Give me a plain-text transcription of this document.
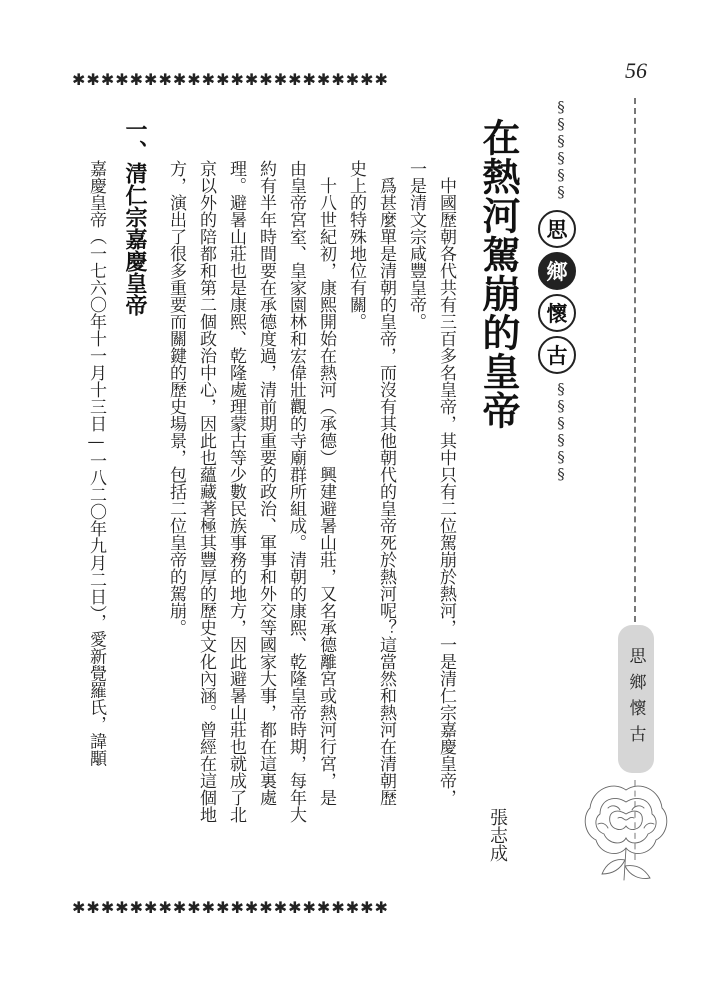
56
✱✱✱✱✱✱✱✱✱✱✱✱✱✱✱✱✱✱✱✱✱✱
✱✱✱✱✱✱✱✱✱✱✱✱✱✱✱✱✱✱✱✱✱✱
§§§§§§
思
鄉
懷
古
§§§§§§
思鄉懷古
在熱河駕崩的皇帝
張志成
　中國歷朝各代共有三百多名皇帝，其中只有二位駕崩於熱河，一是清仁宗嘉慶皇帝，
一是清文宗咸豐皇帝。
　爲甚麼單是清朝的皇帝，而沒有其他朝代的皇帝死於熱河呢？這當然和熱河在清朝歷
史上的特殊地位有關。
　十八世紀初，康熙開始在熱河（承德）興建避暑山莊，又名承德離宮或熱河行宮，是
由皇帝宮室、皇家園林和宏偉壯觀的寺廟群所組成。清朝的康熙、乾隆皇帝時期，每年大
約有半年時間要在承德度過，清前期重要的政治、軍事和外交等國家大事，都在這裏處
理。避暑山莊也是康熙、乾隆處理蒙古等少數民族事務的地方，因此避暑山莊也就成了北
京以外的陪都和第二個政治中心，因此也蘊藏著極其豐厚的歷史文化內涵。曾經在這個地
方，演出了很多重要而關鍵的歷史場景，包括二位皇帝的駕崩。
一、清仁宗嘉慶皇帝
嘉慶皇帝（一七六〇年十一月十三日—一八二〇年九月二日），愛新覺羅氏，諱顒
